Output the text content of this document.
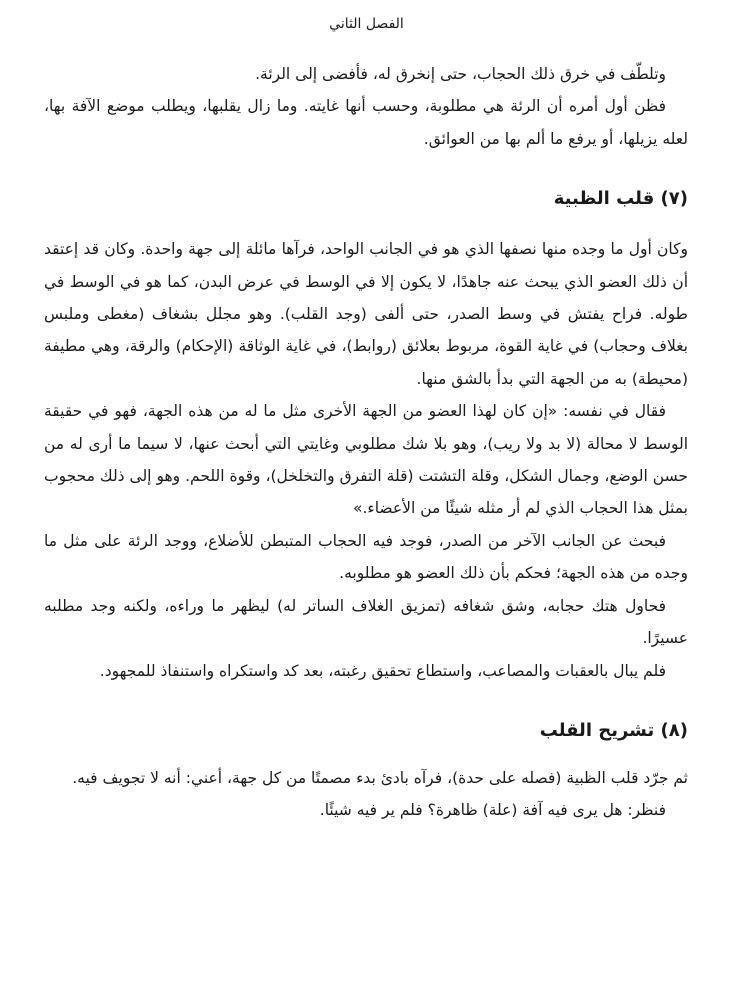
الفصل الثاني

وتلطّف في خرق ذلك الحجاب، حتى إنخرق له، فأفضى إلى الرئة.

فظن أول أمره أن الرئة هي مطلوبة، وحسب أنها غايته. وما زال يقلبها، ويطلب موضع الآفة بها، لعله يزيلها، أو يرفع ما ألم بها من العوائق.

(٧) قلب الظبية

وكان أول ما وجده منها نصفها الذي هو في الجانب الواحد، فرآها مائلة إلى جهة واحدة. وكان قد إعتقد أن ذلك العضو الذي يبحث عنه جاهدًا، لا يكون إلا في الوسط في عرض البدن، كما هو في الوسط في طوله. فراح يفتش في وسط الصدر، حتى ألفى (وجد القلب). وهو مجلل بشغاف (مغطى وملبس بغلاف وحجاب) في غاية القوة، مربوط بعلائق (روابط)، في غاية الوثاقة (الإحكام) والرقة، وهي مطيفة (محيطة) به من الجهة التي بدأ بالشق منها.

فقال في نفسه: «إن كان لهذا العضو من الجهة الأخرى مثل ما له من هذه الجهة، فهو في حقيقة الوسط لا محالة (لا بد ولا ريب)، وهو بلا شك مطلوبي وغايتي التي أبحث عنها، لا سيما ما أرى له من حسن الوضع، وجمال الشكل، وقلة التشتت (قلة التفرق والتخلخل)، وقوة اللحم. وهو إلى ذلك محجوب بمثل هذا الحجاب الذي لم أر مثله شيئًا من الأعضاء.»

فبحث عن الجانب الآخر من الصدر، فوجد فيه الحجاب المتبطن للأضلاع، ووجد الرئة على مثل ما وجده من هذه الجهة؛ فحكم بأن ذلك العضو هو مطلوبه.

فحاول هتك حجابه، وشق شغافه (تمزيق الغلاف الساتر له) ليظهر ما وراءه، ولكنه وجد مطلبه عسيرًا.

فلم يبال بالعقبات والمصاعب، واستطاع تحقيق رغبته، بعد كد واستكراه واستنفاذ للمجهود.

(٨) تشريح القلب

ثم جرّد قلب الظبية (فصله على حدة)، فرآه بادئ بدء مصمتًا من كل جهة، أعني: أنه لا تجويف فيه.

فنظر: هل يرى فيه آفة (علة) ظاهرة؟ فلم ير فيه شيئًا.
